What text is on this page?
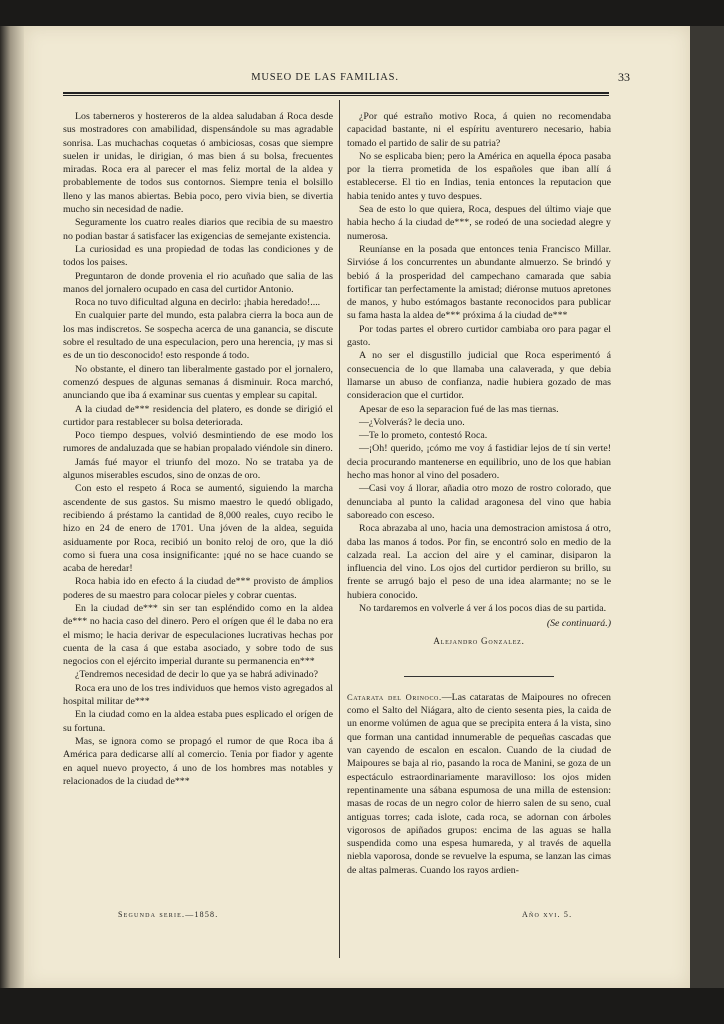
MUSEO DE LAS FAMILIAS.	33

Los taberneros y hostereros de la aldea saludaban á Roca desde sus mostradores con amabilidad, dispensándole su mas agradable sonrisa. Las muchachas coquetas ó ambiciosas, cosas que siempre suelen ir unidas, le dirigian, ó mas bien á su bolsa, frecuentes miradas. Roca era al parecer el mas feliz mortal de la aldea y probablemente de todos sus contornos. Siempre tenia el bolsillo lleno y las manos abiertas. Bebia poco, pero vivia bien, se divertia mucho sin necesidad de nadie.

Seguramente los cuatro reales diarios que recibia de su maestro no podian bastar á satisfacer las exigencias de semejante existencia.

La curiosidad es una propiedad de todas las condiciones y de todos los paises.

Preguntaron de donde provenia el rio acuñado que salia de las manos del jornalero ocupado en casa del curtidor Antonio.

Roca no tuvo dificultad alguna en decirlo: ¡habia heredado!....

En cualquier parte del mundo, esta palabra cierra la boca aun de los mas indiscretos. Se sospecha acerca de una ganancia, se discute sobre el resultado de una especulacion, pero una herencia, ¡y mas si es de un tio desconocido! esto responde á todo.

No obstante, el dinero tan liberalmente gastado por el jornalero, comenzó despues de algunas semanas á disminuir. Roca marchó, anunciando que iba á examinar sus cuentas y emplear su capital.

A la ciudad de*** residencia del platero, es donde se dirigió el curtidor para restablecer su bolsa deteriorada.

Poco tiempo despues, volvió desmintiendo de ese modo los rumores de andaluzada que se habian propalado viéndole sin dinero.

Jamás fué mayor el triunfo del mozo. No se trataba ya de algunos miserables escudos, sino de onzas de oro.

Con esto el respeto á Roca se aumentó, siguiendo la marcha ascendente de sus gastos. Su mismo maestro le quedó obligado, recibiendo á préstamo la cantidad de 8,000 reales, cuyo recibo le hizo en 24 de enero de 1701. Una jóven de la aldea, seguida asiduamente por Roca, recibió un bonito reloj de oro, que la dió como si fuera una cosa insignificante: ¡qué no se hace cuando se acaba de heredar!

Roca habia ido en efecto á la ciudad de*** provisto de ámplios poderes de su maestro para colocar pieles y cobrar cuentas.

En la ciudad de*** sin ser tan espléndido como en la aldea de*** no hacia caso del dinero. Pero el orígen que él le daba no era el mismo; le hacia derivar de especulaciones lucrativas hechas por cuenta de la casa á que estaba asociado, y sobre todo de sus negocios con el ejército imperial durante su permanencia en***

¿Tendremos necesidad de decir lo que ya se habrá adivinado?

Roca era uno de los tres individuos que hemos visto agregados al hospital militar de***

En la ciudad como en la aldea estaba pues esplicado el orígen de su fortuna.

Mas, se ignora como se propagó el rumor de que Roca iba á América para dedicarse allí al comercio. Tenia por fiador y agente en aquel nuevo proyecto, á uno de los hombres mas notables y relacionados de la ciudad de***

¿Por qué estraño motivo Roca, á quien no recomendaba capacidad bastante, ni el espíritu aventurero necesario, habia tomado el partido de salir de su patria?

No se esplicaba bien; pero la América en aquella época pasaba por la tierra prometida de los españoles que iban allí á establecerse. El tio en Indias, tenia entonces la reputacion que habia tenido antes y tuvo despues.

Sea de esto lo que quiera, Roca, despues del último viaje que habia hecho á la ciudad de***, se rodeó de una sociedad alegre y numerosa.

Reuníanse en la posada que entonces tenia Francisco Millar. Sirvióse á los concurrentes un abundante almuerzo. Se brindó y bebió á la prosperidad del campechano camarada que sabia fortificar tan perfectamente la amistad; diéronse mutuos apretones de manos, y hubo estómagos bastante reconocidos para publicar su fama hasta la aldea de*** próxima á la ciudad de***

Por todas partes el obrero curtidor cambiaba oro para pagar el gasto.

A no ser el disgustillo judicial que Roca esperimentó á consecuencia de lo que llamaba una calaverada, y que debia llamarse un abuso de confianza, nadie hubiera gozado de mas consideracion que el curtidor.

Apesar de eso la separacion fué de las mas tiernas.

—¿Volverás? le decia uno.

—Te lo prometo, contestó Roca.

—¡Oh! querido, ¡cómo me voy á fastidiar lejos de tí sin verte! decia procurando mantenerse en equilibrio, uno de los que habian hecho mas honor al vino del posadero.

—Casi voy á llorar, añadia otro mozo de rostro colorado, que denunciaba al punto la calidad aragonesa del vino que habia saboreado con esceso.

Roca abrazaba al uno, hacia una demostracion amistosa á otro, daba las manos á todos. Por fin, se encontró solo en medio de la calzada real. La accion del aire y el caminar, disiparon la influencia del vino. Los ojos del curtidor perdieron su brillo, su frente se arrugó bajo el peso de una idea alarmante; no se le hubiera conocido.

No tardaremos en volverle á ver á los pocos dias de su partida.

(Se continuará.)
Alejandro Gonzalez.

Catarata del Orinoco.—Las cataratas de Maipoures no ofrecen como el Salto del Niágara, alto de ciento sesenta pies, la caida de un enorme volúmen de agua que se precipita entera á la vista, sino que forman una cantidad innumerable de pequeñas cascadas que van cayendo de escalon en escalon. Cuando de la ciudad de Maipoures se baja al rio, pasando la roca de Manini, se goza de un espectáculo estraordinariamente maravilloso: los ojos miden repentinamente una sábana espumosa de una milla de estension: masas de rocas de un negro color de hierro salen de su seno, cual antiguas torres; cada islote, cada roca, se adornan con árboles vigorosos de apiñados grupos: encima de las aguas se halla suspendida como una espesa humareda, y al través de aquella niebla vaporosa, donde se revuelve la espuma, se lanzan las cimas de altas palmeras. Cuando los rayos ardien-

Segunda serie.—1858.	Año xvi. 5.
